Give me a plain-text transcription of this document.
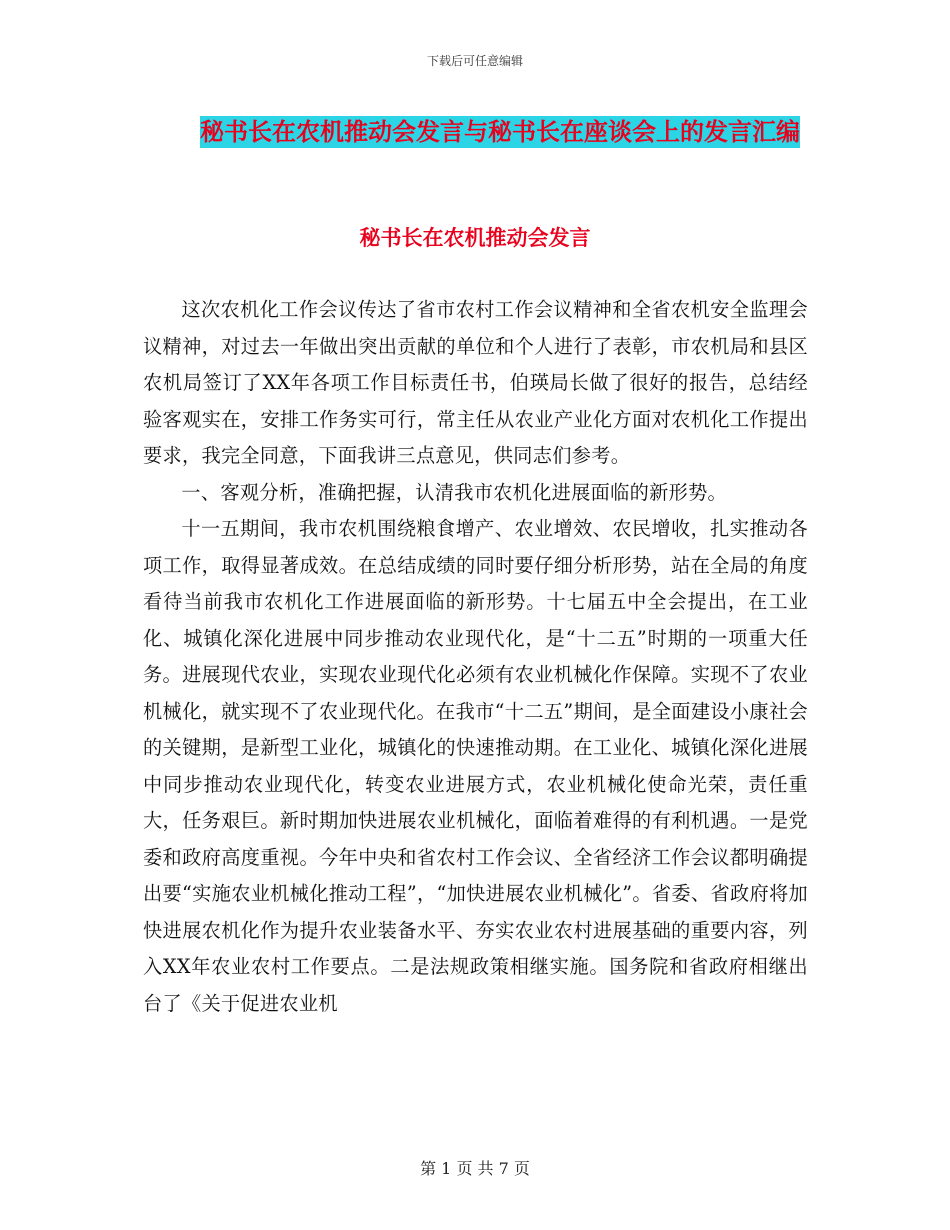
下载后可任意编辑
秘书长在农机推动会发言与秘书长在座谈会上的发言汇编
秘书长在农机推动会发言

这次农机化工作会议传达了省市农村工作会议精神和全省农机安全监理会议精神，对过去一年做出突出贡献的单位和个人进行了表彰，市农机局和县区农机局签订了XX年各项工作目标责任书，伯瑛局长做了很好的报告，总结经验客观实在，安排工作务实可行，常主任从农业产业化方面对农机化工作提出要求，我完全同意，下面我讲三点意见，供同志们参考。

一、客观分析，准确把握，认清我市农机化进展面临的新形势。

十一五期间，我市农机围绕粮食增产、农业增效、农民增收，扎实推动各项工作，取得显著成效。在总结成绩的同时要仔细分析形势，站在全局的角度看待当前我市农机化工作进展面临的新形势。十七届五中全会提出，在工业化、城镇化深化进展中同步推动农业现代化，是“十二五”时期的一项重大任务。进展现代农业，实现农业现代化必须有农业机械化作保障。实现不了农业机械化，就实现不了农业现代化。在我市“十二五”期间，是全面建设小康社会的关键期，是新型工业化，城镇化的快速推动期。在工业化、城镇化深化进展中同步推动农业现代化，转变农业进展方式，农业机械化使命光荣，责任重大，任务艰巨。新时期加快进展农业机械化，面临着难得的有利机遇。一是党委和政府高度重视。今年中央和省农村工作会议、全省经济工作会议都明确提出要“实施农业机械化推动工程”，“加快进展农业机械化”。省委、省政府将加快进展农机化作为提升农业装备水平、夯实农业农村进展基础的重要内容，列入XX年农业农村工作要点。二是法规政策相继实施。国务院和省政府相继出台了《关于促进农业机

第 1 页 共 7 页
